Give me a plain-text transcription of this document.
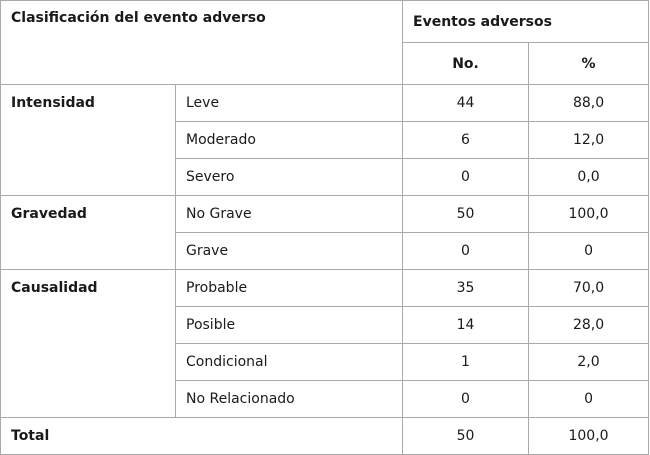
Clasificación del evento adverso		Eventos adversos	
		No.	%
Intensidad	Leve	44	88,0
	Moderado	6	12,0
	Severo	0	0,0
Gravedad	No Grave	50	100,0
	Grave	0	0
Causalidad	Probable	35	70,0
	Posible	14	28,0
	Condicional	1	2,0
	No Relacionado	0	0
Total		50	100,0
